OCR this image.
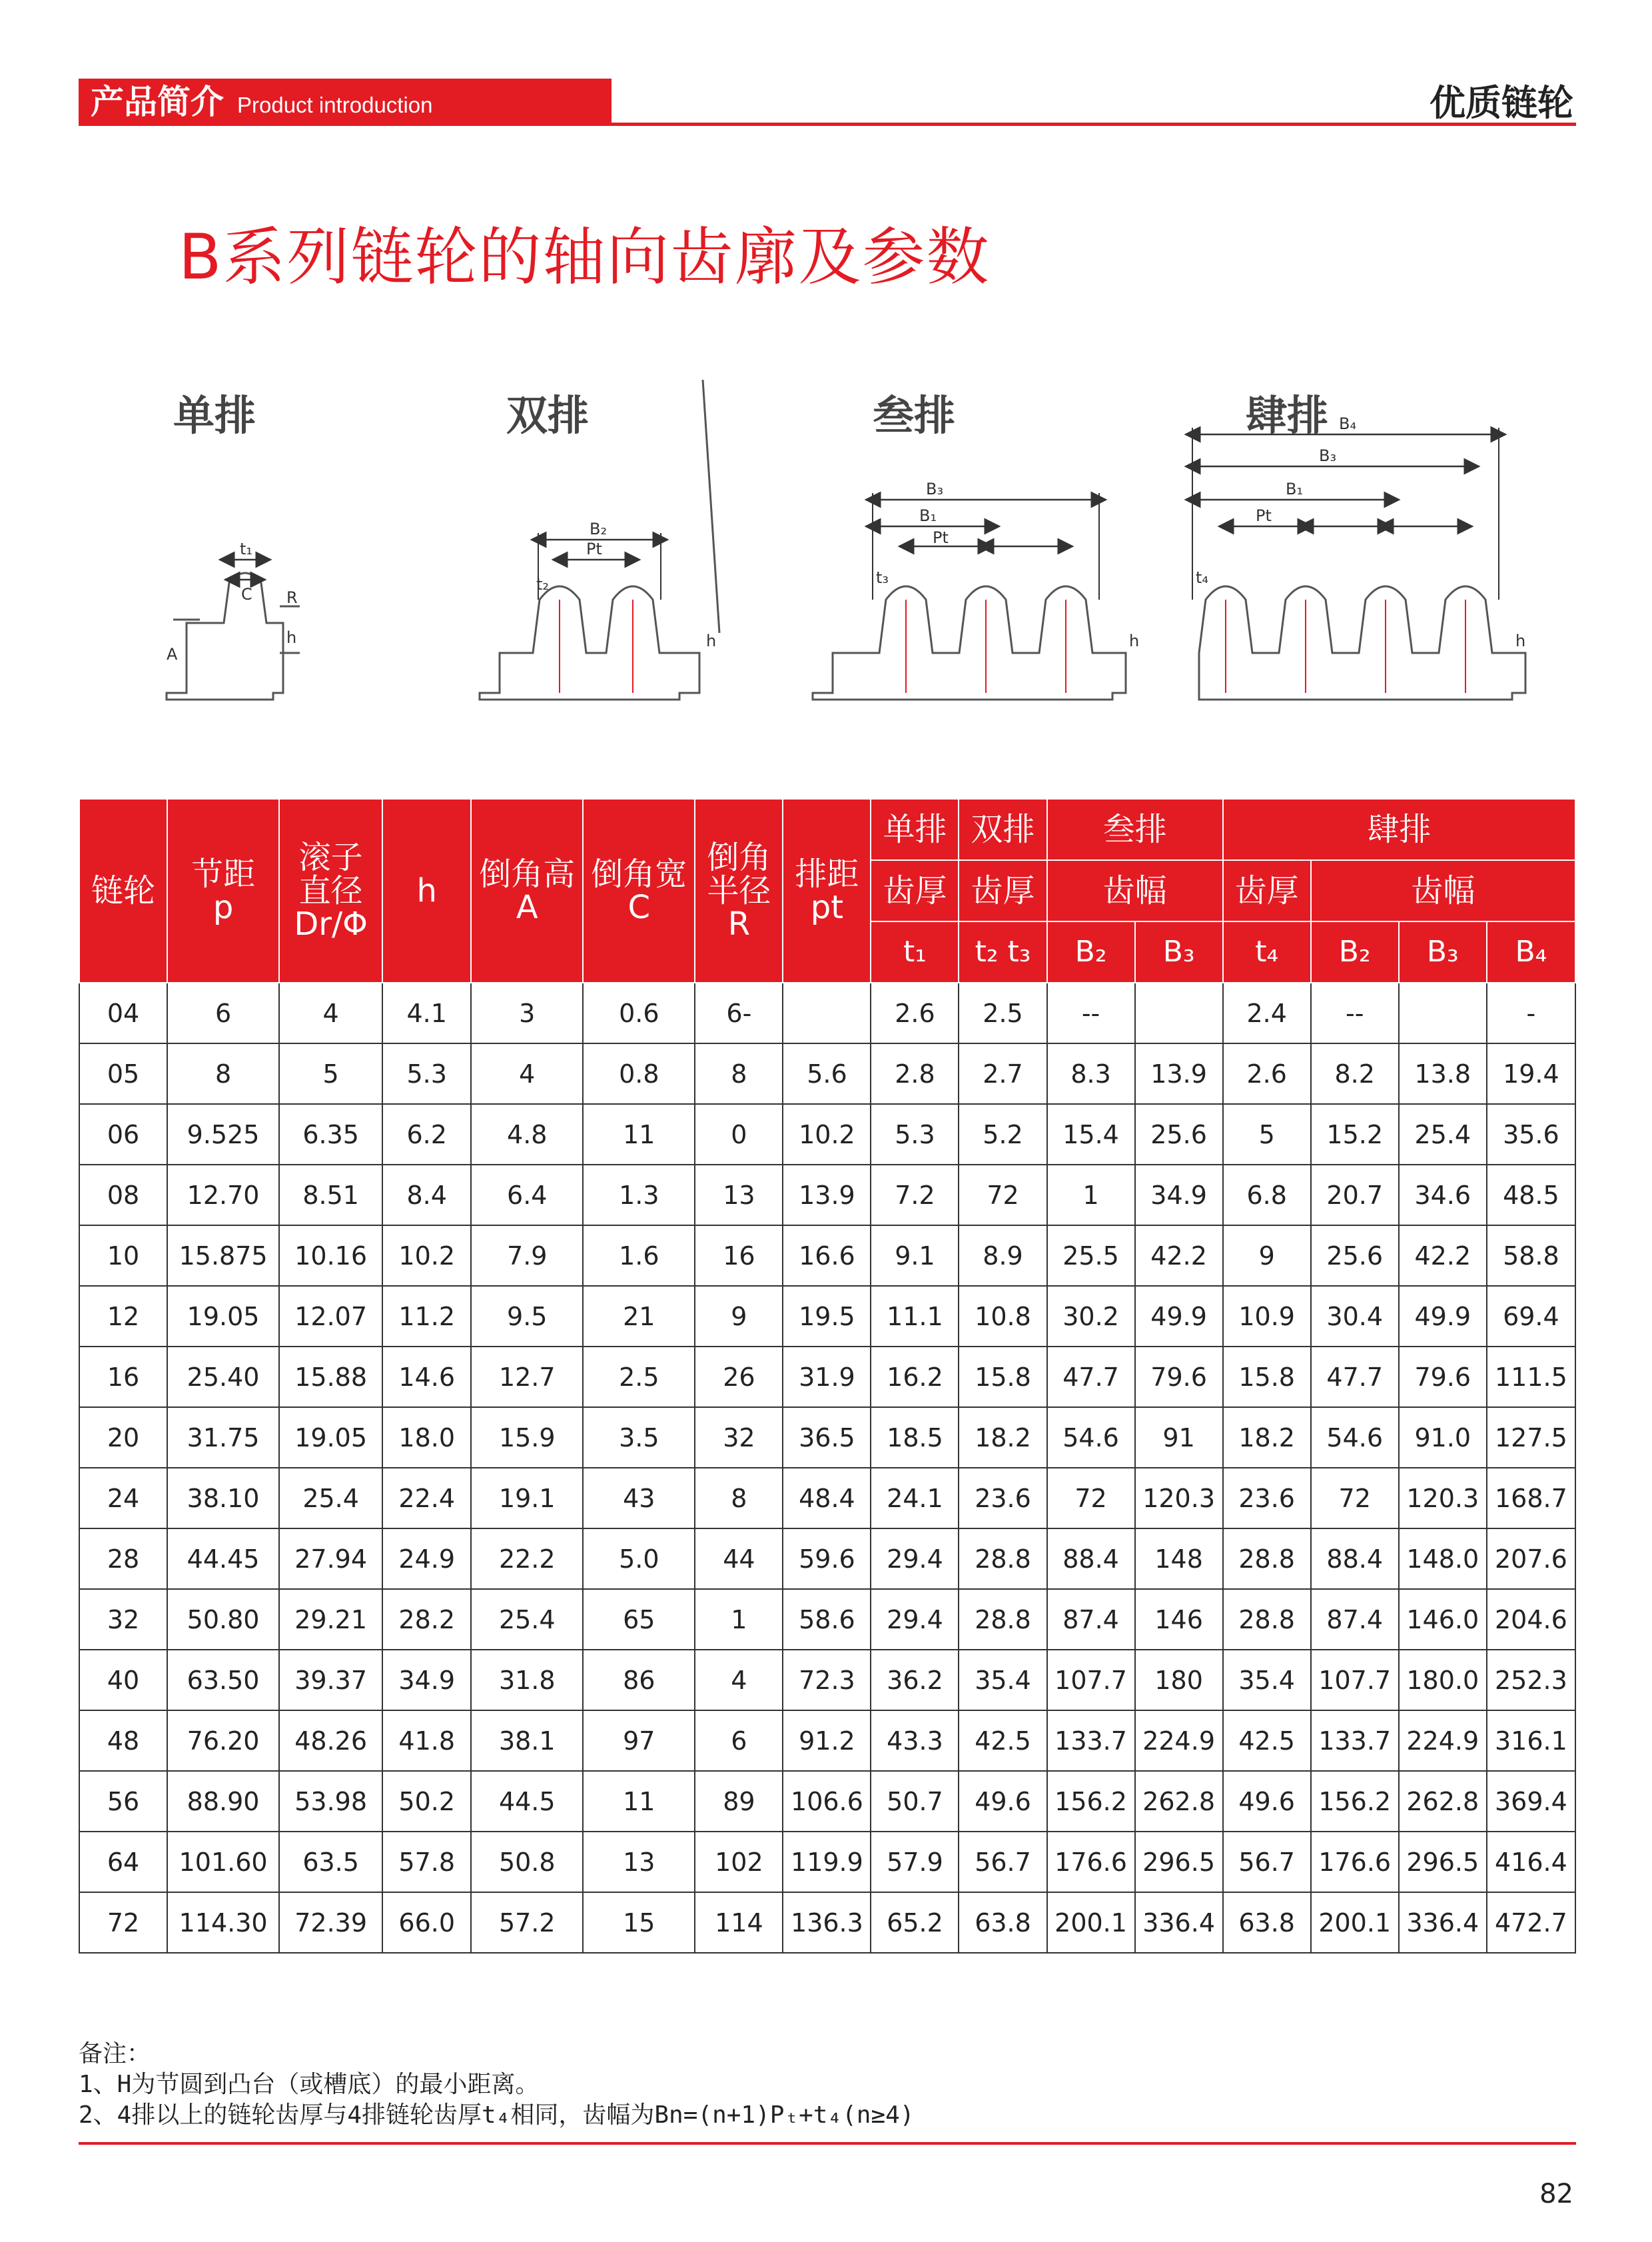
产品简介 Product introduction	优质链轮
B系列链轮的轴向齿廓及参数
单排	双排	叁排	肆排
t₁
C R
A
h
B₂
Pt
t₂
h
B₃
B₁
Pt
t₃
h
B₄
B₃
B₁
Pt
t₄
h
链轮	节距
p	滚子
直径
Dr/Φ	h	倒角高
A	倒角宽
C	倒角
半径
R	排距
pt	单排	双排	叁排		肆排			
								齿厚	齿厚	齿幅		齿厚	齿幅		
								t₁	t₂ t₃	B₂	B₃	t₄	B₂	B₃	B₄
04	6	4	4.1	3	0.6	6-		2.6	2.5	--		2.4	--		-
05	8	5	5.3	4	0.8	8	5.6	2.8	2.7	8.3	13.9	2.6	8.2	13.8	19.4
06	9.525	6.35	6.2	4.8	11	0	10.2	5.3	5.2	15.4	25.6	5	15.2	25.4	35.6
08	12.70	8.51	8.4	6.4	1.3	13	13.9	7.2	72	1	34.9	6.8	20.7	34.6	48.5
10	15.875	10.16	10.2	7.9	1.6	16	16.6	9.1	8.9	25.5	42.2	9	25.6	42.2	58.8
12	19.05	12.07	11.2	9.5	21	9	19.5	11.1	10.8	30.2	49.9	10.9	30.4	49.9	69.4
16	25.40	15.88	14.6	12.7	2.5	26	31.9	16.2	15.8	47.7	79.6	15.8	47.7	79.6	111.5
20	31.75	19.05	18.0	15.9	3.5	32	36.5	18.5	18.2	54.6	91	18.2	54.6	91.0	127.5
24	38.10	25.4	22.4	19.1	43	8	48.4	24.1	23.6	72	120.3	23.6	72	120.3	168.7
28	44.45	27.94	24.9	22.2	5.0	44	59.6	29.4	28.8	88.4	148	28.8	88.4	148.0	207.6
32	50.80	29.21	28.2	25.4	65	1	58.6	29.4	28.8	87.4	146	28.8	87.4	146.0	204.6
40	63.50	39.37	34.9	31.8	86	4	72.3	36.2	35.4	107.7	180	35.4	107.7	180.0	252.3
48	76.20	48.26	41.8	38.1	97	6	91.2	43.3	42.5	133.7	224.9	42.5	133.7	224.9	316.1
56	88.90	53.98	50.2	44.5	11	89	106.6	50.7	49.6	156.2	262.8	49.6	156.2	262.8	369.4
64	101.60	63.5	57.8	50.8	13	102	119.9	57.9	56.7	176.6	296.5	56.7	176.6	296.5	416.4
72	114.30	72.39	66.0	57.2	15	114	136.3	65.2	63.8	200.1	336.4	63.8	200.1	336.4	472.7
备注：
1、H为节圆到凸台（或槽底）的最小距离。
2、4排以上的链轮齿厚与4排链轮齿厚t₄相同，齿幅为Bn=(n+1)Pₜ+t₄(n≥4)
82
